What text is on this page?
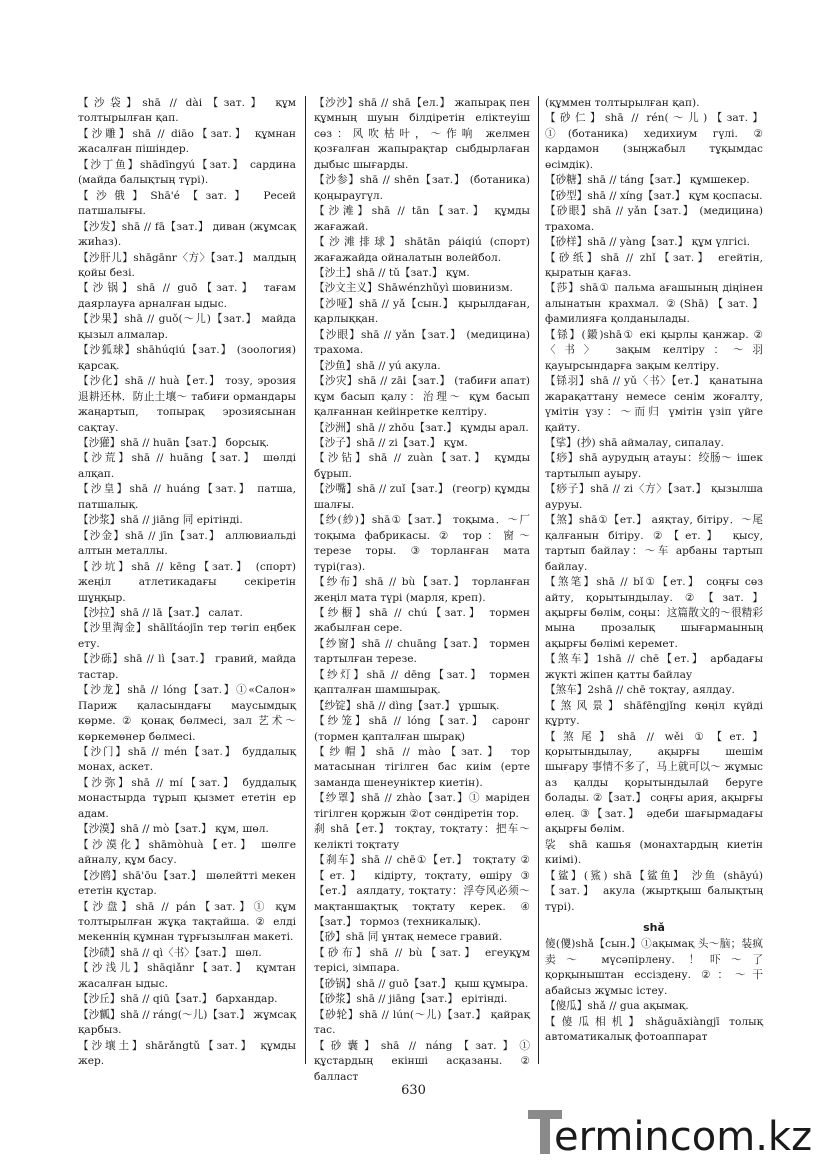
【沙袋】shā // dài【зат.】 құм толтырылған қап.

【沙雕】shā // diāo【зат.】 құмнан жасалған пішіндер.

【沙丁鱼】shādīngyú【зат.】 сардина (майда балықтың түрі).

【沙俄】Shā'é【зат.】 Ресей патшалығы.

【沙发】shā // fā【зат.】 диван (жұмсақ жиһаз).

【沙肝儿】shāgānr〈方〉【зат.】 малдың қойы безі.

【沙锅】shā // guō【зат.】 тағам даярлауға арналған ыдыс.

【沙果】shā // guǒ(～儿)【зат.】 майда қызыл алмалар.

【沙狐球】shāhúqiú【зат.】 (зоология) қарсақ.

【沙化】shā // huà【ет.】 тозу, эрозия 退耕还林．防止土壤～ табиғи ормандары жаңартып, топырақ эрозиясынан сақтау.

【沙獾】shā // huān【зат.】 борсық.

【沙荒】shā // huāng【зат.】 шөлді алқап.

【沙皇】shā // huáng【зат.】 патша, патшалық.

【沙浆】shā // jiāng 同 ерітінді.

【沙金】shā // jīn【зат.】 аллювиальді алтын металлы.

【沙坑】shā // kēng【зат.】 (спорт) жеңіл атлетикадағы секіретін шұңқыр.

【沙拉】shā // lā【зат.】 салат.

【沙里淘金】shālǐtáojīn тер төгіп еңбек ету.

【沙砾】shā // lì【зат.】 гравий, майда тастар.

【沙龙】shā // lóng【зат.】①«Салон» Париж қаласындағы маусымдық көрме. ② қонақ бөлмесі, зал 艺术～ көркемөнер бөлмесі.

【沙门】shā // mén【зат.】 буддалық монах, аскет.

【沙弥】shā // mí【зат.】 буддалық монастырда тұрып қызмет ететін ер адам.

【沙漠】shā // mò【зат.】 құм, шөл.

【沙漠化】shāmòhuà【ет.】 шөлге айналу, құм басу.

【沙鸥】shā'ōu【зат.】 шөлейтті мекен ететін құстар.

【沙盘】shā // pán【зат.】① құм толтырылған жұқа тақтайша. ② елді мекеннің құмнан тұрғызылған макеті.

【沙碛】shā // qì〈书〉【зат.】 шөл.

【沙浅儿】shāqiǎnr【зат.】 құмтан жасалған ыдыс.

【沙丘】shā // qiū【зат.】 бархандар.

【沙瓤】shā // ráng(～儿)【зат.】 жұмсақ қарбыз.

【沙壤土】shārǎngtǔ【зат.】 құмды жер.

【沙沙】shā // shā【ел.】 жапырақ пен құмның шуын білдіретін еліктеуіш сөз：风吹枯叶，～作响 желмен қозғалған жапырақтар сыбдырлаған дыбыс шығарды.

【沙参】shā // shēn【зат.】 (ботаника) қоңыраугүл.

【沙滩】shā // tān【зат.】 құмды жағажай.

【沙滩排球】shātān páiqiú (спорт) жағажайда ойналатын волейбол.

【沙土】shā // tǔ【зат.】 құм.

【沙文主义】Shāwénzhǔyì шовинизм.

【沙哑】shā // yǎ【сын.】 қырылдаған, қарлыққан.

【沙眼】shā // yǎn【зат.】 (медицина) трахома.

【沙鱼】shā // yú акула.

【沙灾】shā // zāi【зат.】 (табиғи апат) құм басып қалу：治理～ құм басып қалғаннан кейінретке келтіру.

【沙洲】shā // zhōu【зат.】 құмды арал.

【沙子】shā // zi【зат.】 құм.

【沙钻】shā // zuàn【зат.】 құмды бұрып.

【沙嘴】shā // zuǐ【зат.】 (геогр) құмды шалғы.

【纱(紗)】shā①【зат.】 тоқыма．～厂 тоқыма фабрикасы. ② тор：窗～ терезе торы. ③торланған мата түрі(газ).

【纱布】shā // bù【зат.】 торланған жеңіл мата түрі (марля, креп).

【纱橱】shā // chú【зат.】 тормен жабылған сере.

【纱窗】shā // chuāng【зат.】 тормен тартылған терезе.

【纱灯】shā // dēng【зат.】 тормен қапталған шамшырақ.

【纱锭】shā // dìng【зат.】 ұршық.

【纱笼】shā // lóng【зат.】 саронг (тормен қапталған шырақ)

【纱帽】shā // mào【зат.】 тор матасынан тігілген бас киім (ерте заманда шенеуніктер киетін).

【纱罩】shā // zhào【зат.】① маріден тігілген қоржын ②от сөндіретін тор.

刹 shā【ет.】 тоқтау, тоқтату：把车～ келікті тоқтату

【刹车】shā // chē①【ет.】 тоқтату ②【ет.】 кідірту, тоқтату, өшіру ③【ет.】 аялдату, тоқтату：浮夸风必须～ мақтаншақтық тоқтату керек. ④【зат.】 тормоз (техникалық).

【砂】shā 同 ұнтақ немесе гравий.

【砂布】shā // bù【зат.】 егеуқұм терісі, зімпара.

【砂锅】shā // guō【зат.】 қыш құмыра.

【砂浆】shā // jiāng【зат.】 ерітінді.

【砂轮】shā // lún(～儿)【зат.】 қайрақ тас.

【砂囊】shā // náng【зат.】① құстардың екінші асқазаны. ② балласт

(құммен толтырылған қап).

【砂仁】shā // rén(～儿)【зат.】①(ботаника) хедихиум гүлі. ② кардамон (зыңжабыл тұқымдас өсімдік).

【砂糖】shā // táng【зат.】 құмшекер.

【砂型】shā // xíng【зат.】 құм қоспасы.

【砂眼】shā // yǎn【зат.】 (медицина) трахома.

【砂样】shā // yàng【зат.】 құм үлгісі.

【砂纸】shā // zhǐ【зат.】 егейтін, қыратын қағаз.

【莎】shā① пальма ағашының діңінен алынатын крахмал. ②(Shā)【зат.】 фамилияға қолданылады.

【铩】(鎩)shā① екі қырлы қанжар. ②〈书〉 зақым келтіру：～羽 қауырсындарға зақым келтіру.

【铩羽】shā // yǔ〈书〉【ет.】 қанатына жарақаттану немесе сенім жоғалту, үмітін үзу：～而归 үмітін үзіп үйге қайту.

【挲】(抄) shā аймалау, сипалау.

【痧】shā аурудың атауы：绞肠～ ішек тартылып ауыру.

【痧子】shā // zi〈方〉【зат.】 қызылша ауруы.

【煞】shā①【ет.】 аяқтау, бітіру．～尾 қалғанын бітіру. ②【ет.】 қысу, тартып байлау：～车 арбаны тартып байлау.

【煞笔】shā // bǐ①【ет.】 соңғы сөз айту, қорытындылау. ②【зат.】 ақырғы бөлім, соңы：这篇散文的～很精彩 мына прозалық шығармаының ақырғы бөлімі керемет.

【煞车】1shā // chē【ет.】 арбадағы жүкті жіпен қатты байлау

【煞车】2shā // chē тоқтау, аялдау.

【煞风景】shāfēngjǐng көңіл күйді құрту.

【煞尾】shā // wěi ①【ет.】 қорытындылау, ақырғы шешім шығару 事情不多了，马上就可以～ жұмыс аз қалды қорытындылай беруге болады. ②【зат.】 соңғы ария, ақырғы өлең. ③【зат.】 әдеби шағырмадағы ақырғы бөлім.

裟 shā кашья (монахтардың киетін киімі).

【鲨】(鯊) shā【鲨鱼】 沙鱼 (shāyú)【зат.】 акула (жыртқыш балықтың түрі).

shǎ

傻(儍)shǎ【сын.】①ақымақ 头～脑；装疯卖～ мүсәпірлену. ！吓～了 қорқыныштан ессіздену. ②：～干 абайсыз жұмыс істеу.

【傻瓜】shǎ // gua ақымақ.

【傻瓜相机】shǎguāxiàngjī толық автоматикалық фотоаппарат

630
ermincom.kz
